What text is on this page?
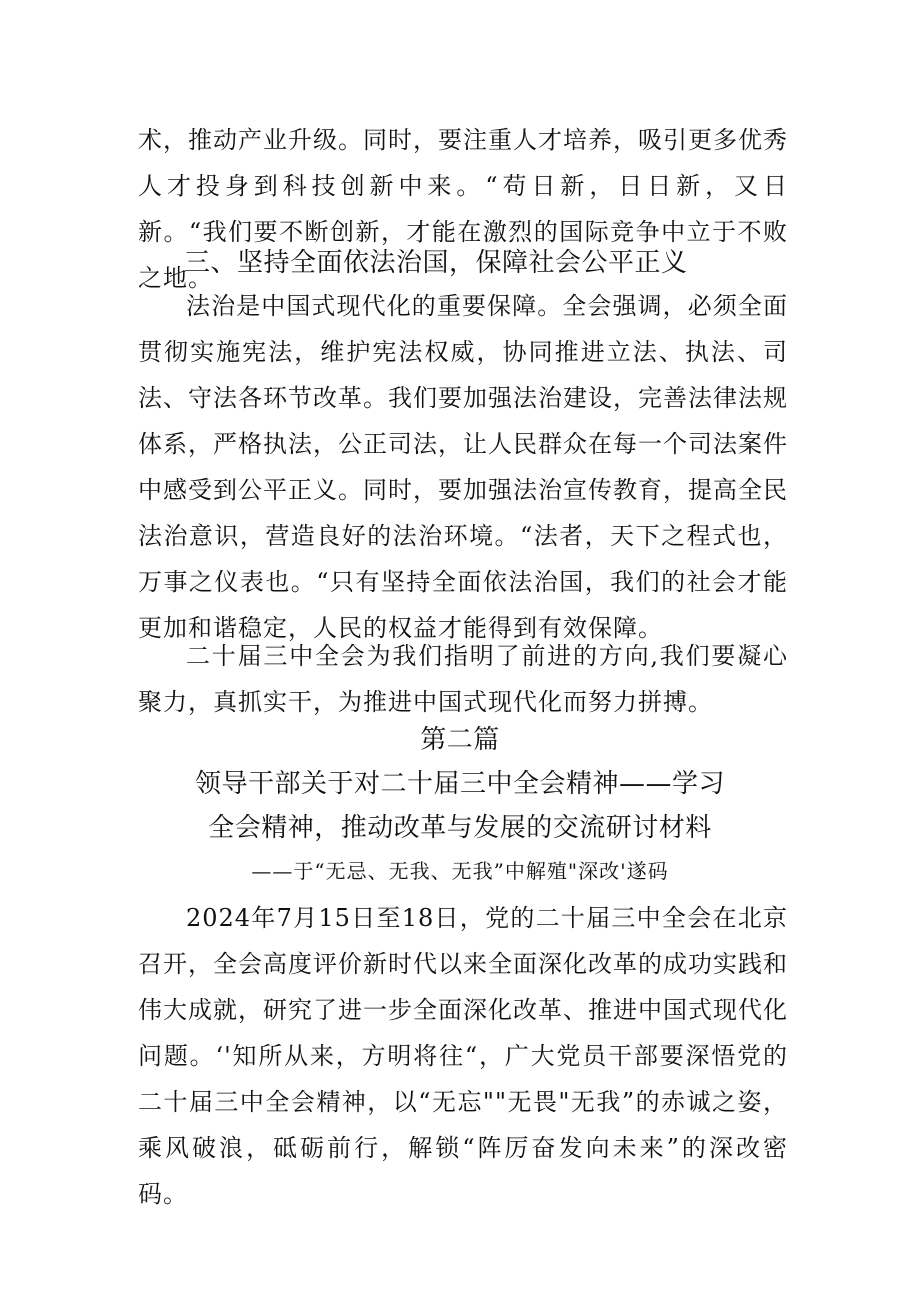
术，推动产业升级。同时，要注重人才培养，吸引更多优秀人才投身到科技创新中来。“苟日新，日日新，又日新。“我们要不断创新，才能在激烈的国际竞争中立于不败之地。

三、坚持全面依法治国，保障社会公平正义

法治是中国式现代化的重要保障。全会强调，必须全面贯彻实施宪法，维护宪法权威，协同推进立法、执法、司法、守法各环节改革。我们要加强法治建设，完善法律法规体系，严格执法，公正司法，让人民群众在每一个司法案件中感受到公平正义。同时，要加强法治宣传教育，提高全民法治意识，营造良好的法治环境。“法者，天下之程式也，万事之仪表也。“只有坚持全面依法治国，我们的社会才能更加和谐稳定，人民的权益才能得到有效保障。

二十届三中全会为我们指明了前进的方向,我们要凝心聚力，真抓实干，为推进中国式现代化而努力拼搏。

第二篇

领导干部关于对二十届三中全会精神——学习

全会精神，推动改革与发展的交流研讨材料

——于“无忌、无我、无我”中解殖"深改'遂码

2024年7月15日至18日，党的二十届三中全会在北京召开，全会高度评价新时代以来全面深化改革的成功实践和伟大成就，研究了进一步全面深化改革、推进中国式现代化问题。‘'知所从来，方明将往“，广大党员干部要深悟党的二十届三中全会精神，以“无忘""无畏"无我”的赤诚之姿，乘风破浪，砥砺前行，解锁“阵厉奋发向未来”的深改密码。
